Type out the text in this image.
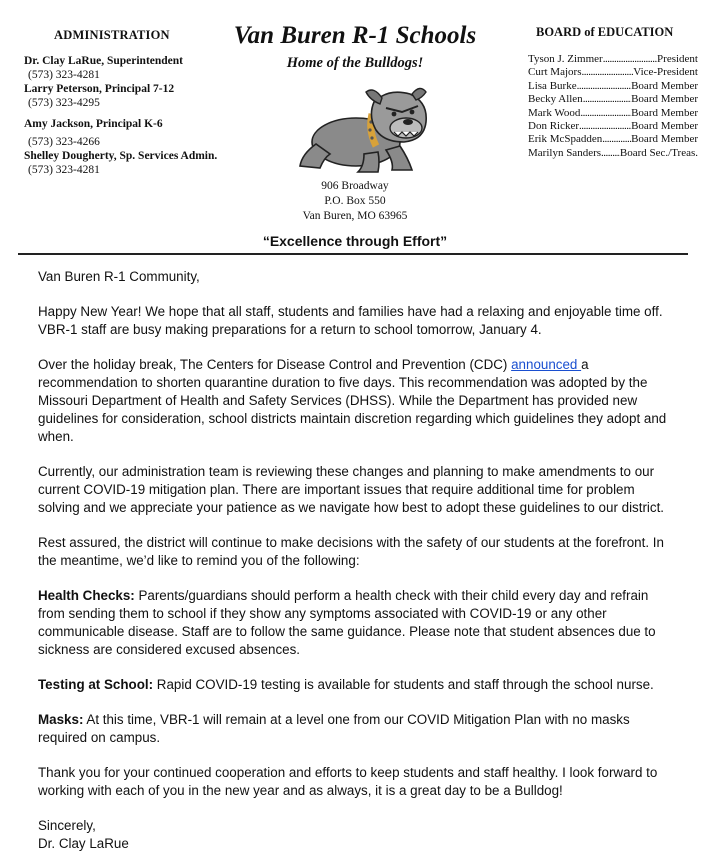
ADMINISTRATION
Dr. Clay LaRue, Superintendent
(573) 323-4281
Larry Peterson, Principal 7-12
(573) 323-4295
Amy Jackson, Principal K-6
(573) 323-4266
Shelley Dougherty, Sp. Services Admin.
(573) 323-4281
Van Buren R-1 Schools
Home of the Bulldogs!
906 Broadway
P.O. Box 550
Van Buren, MO 63965
“Excellence through Effort”
BOARD of EDUCATION
Tyson J. Zimmer .....	President
Curt Majors .....	Vice-President
Lisa Burke .....	Board Member
Becky Allen .....	Board Member
Mark Wood .....	Board Member
Don Ricker .....	Board Member
Erik McSpadden .....	Board Member
Marilyn Sanders ..... Board Sec./Treas.

Van Buren R-1 Community,

Happy New Year! We hope that all staff, students and families have had a relaxing and enjoyable time off. VBR-1 staff are busy making preparations for a return to school tomorrow, January 4.

Over the holiday break, The Centers for Disease Control and Prevention (CDC) announced a recommendation to shorten quarantine duration to five days. This recommendation was adopted by the Missouri Department of Health and Safety Services (DHSS). While the Department has provided new guidelines for consideration, school districts maintain discretion regarding which guidelines they adopt and when.

Currently, our administration team is reviewing these changes and planning to make amendments to our current COVID-19 mitigation plan. There are important issues that require additional time for problem solving and we appreciate your patience as we navigate how best to adopt these guidelines to our district.

Rest assured, the district will continue to make decisions with the safety of our students at the forefront. In the meantime, we’d like to remind you of the following:

Health Checks: Parents/guardians should perform a health check with their child every day and refrain from sending them to school if they show any symptoms associated with COVID-19 or any other communicable disease. Staff are to follow the same guidance. Please note that student absences due to sickness are considered excused absences.

Testing at School: Rapid COVID-19 testing is available for students and staff through the school nurse.

Masks: At this time, VBR-1 will remain at a level one from our COVID Mitigation Plan with no masks required on campus.

Thank you for your continued cooperation and efforts to keep students and staff healthy. I look forward to working with each of you in the new year and as always, it is a great day to be a Bulldog!

Sincerely,

Dr. Clay LaRue
